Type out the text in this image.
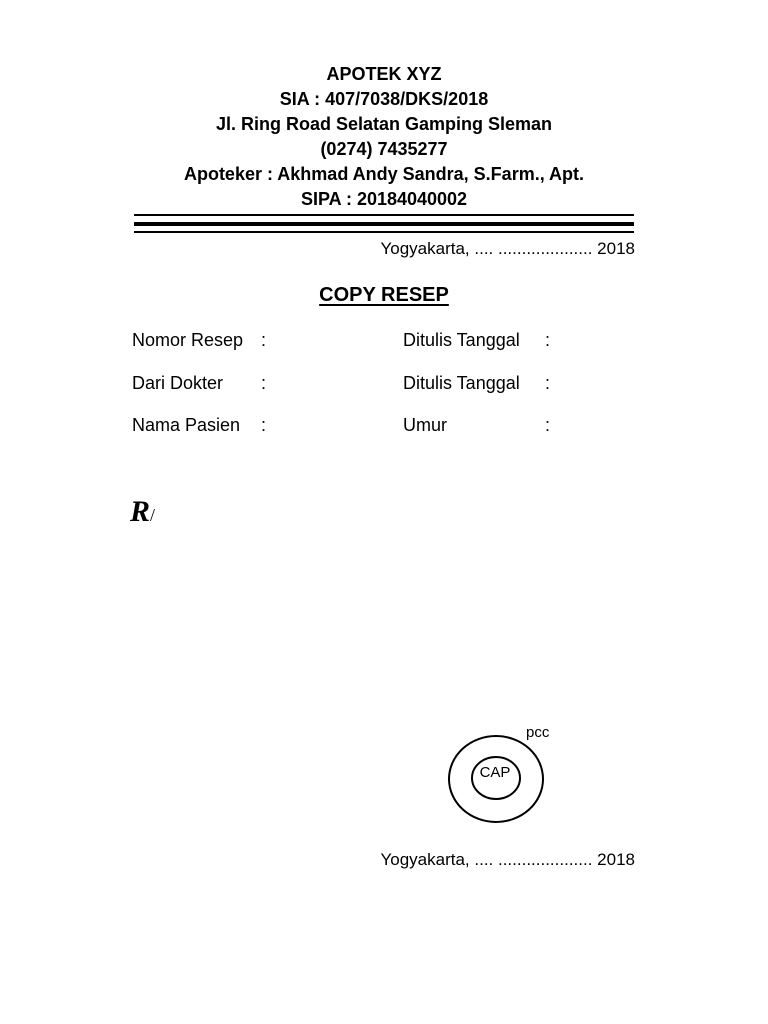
APOTEK XYZ
SIA : 407/7038/DKS/2018
Jl. Ring Road Selatan Gamping Sleman
(0274) 7435277
Apoteker : Akhmad Andy Sandra, S.Farm., Apt.
SIPA : 20184040002
Yogyakarta, .... .................... 2018
COPY RESEP
Nomor Resep :	Ditulis Tanggal :
Dari Dokter :	Ditulis Tanggal :
Nama Pasien :	Umur	:
R/
pcc
CAP
Yogyakarta, .... .................... 2018
